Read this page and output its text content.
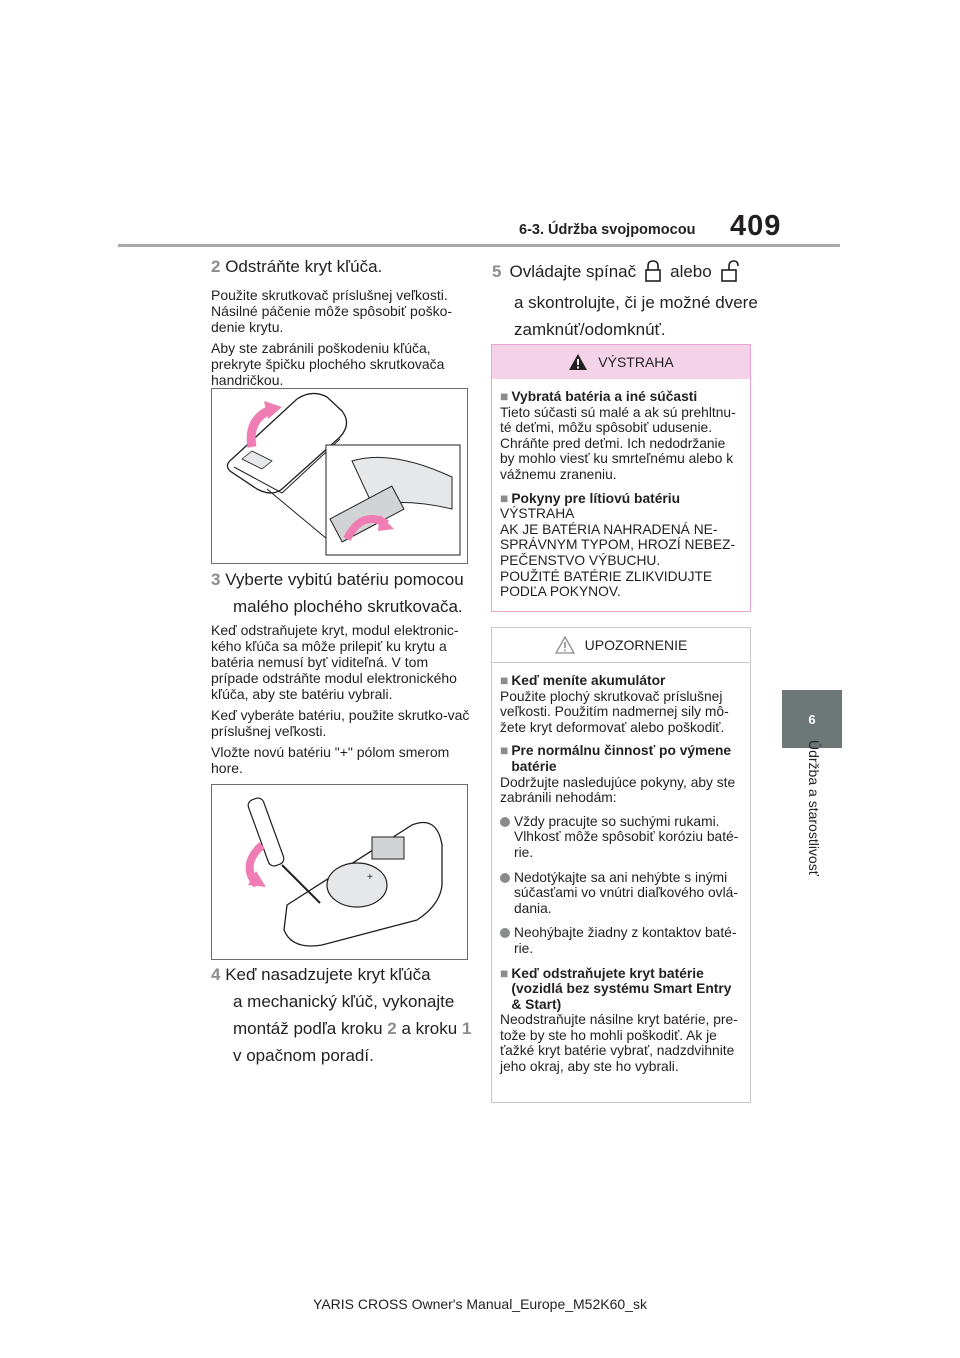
6-3. Údržba svojpomocou 409
6
Údržba a starostlivosť
2 Odstráňte kryt kľúča.

Použite skrutkovač príslušnej veľkosti. Násilné páčenie môže spôsobiť poško-denie krytu.

Aby ste zabránili poškodeniu kľúča, prekryte špičku plochého skrutkovača handričkou.

3 Vyberte vybitú batériu pomocou
malého plochého skrutkovača.

Keď odstraňujete kryt, modul elektronic-kého kľúča sa môže prilepiť ku krytu a batéria nemusí byť viditeľná. V tom prípade odstráňte modul elektronického kľúča, aby ste batériu vybrali.

Keď vyberáte batériu, použite skrutko-vač príslušnej veľkosti.

Vložte novú batériu "+" pólom smerom hore.

+
4 Keď nasadzujete kryt kľúča
a mechanický kľúč, vykonajte
montáž podľa kroku 2 a kroku 1
v opačnom poradí.
5 Ovládajte spínač alebo
a skontrolujte, či je možné dvere
zamknúť/odomknúť.
VÝSTRAHA
■ Vybratá batéria a iné súčasti

Tieto súčasti sú malé a ak sú prehltnu-té deťmi, môžu spôsobiť udusenie. Chráňte pred deťmi. Ich nedodržanie by mohlo viesť ku smrteľnému alebo k vážnemu zraneniu.

■ Pokyny pre lítiovú batériu
VÝSTRAHA
AK JE BATÉRIA NAHRADENÁ NE-
SPRÁVNYM TYPOM, HROZÍ NEBEZ-
PEČENSTVO VÝBUCHU.
POUŽITÉ BATÉRIE ZLIKVIDUJTE
PODĽA POKYNOV.
UPOZORNENIE
■ Keď meníte akumulátor

Použite plochý skrutkovač príslušnej veľkosti. Použitím nadmernej sily mô-žete kryt deformovať alebo poškodiť.

■ Pre normálnu činnosť po výmene batérie

Dodržujte nasledujúce pokyny, aby ste zabránili nehodám:

Vždy pracujte so suchými rukami. Vlhkosť môže spôsobiť koróziu baté-rie.
Nedotýkajte sa ani nehýbte s inými súčasťami vo vnútri diaľkového ovlá-dania.
Neohýbajte žiadny z kontaktov baté-rie.
■ Keď odstraňujete kryt batérie (vozidlá bez systému Smart Entry & Start)

Neodstraňujte násilne kryt batérie, pre-tože by ste ho mohli poškodiť. Ak je ťažké kryt batérie vybrať, nadzdvihnite jeho okraj, aby ste ho vybrali.

YARIS CROSS Owner's Manual_Europe_M52K60_sk
